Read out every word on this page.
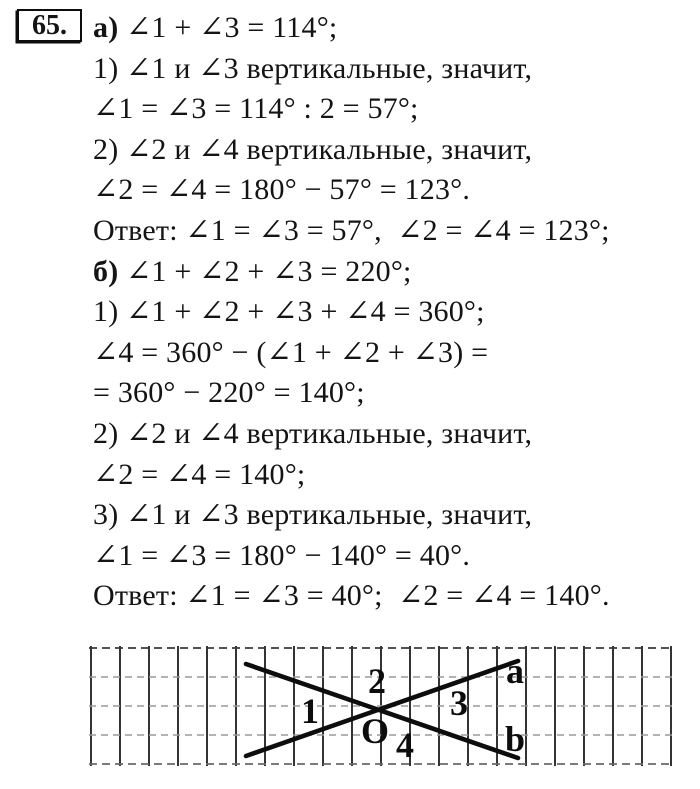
65. а) ∠1 + ∠3 = 114°;
1) ∠1 и ∠3 вертикальные, значит,
∠1 = ∠3 = 114° : 2 = 57°;
2) ∠2 и ∠4 вертикальные, значит,
∠2 = ∠4 = 180° − 57° = 123°.
Ответ: ∠1 = ∠3 = 57°,  ∠2 = ∠4 = 123°;
б) ∠1 + ∠2 + ∠3 = 220°;
1) ∠1 + ∠2 + ∠3 + ∠4 = 360°;
∠4 = 360° − (∠1 + ∠2 + ∠3) =
= 360° − 220° = 140°;
2) ∠2 и ∠4 вертикальные, значит,
∠2 = ∠4 = 140°;
3) ∠1 и ∠3 вертикальные, значит,
∠1 = ∠3 = 180° − 140° = 40°.
Ответ: ∠1 = ∠3 = 40°;  ∠2 = ∠4 = 140°.
1
2
3
4
O
a
b
